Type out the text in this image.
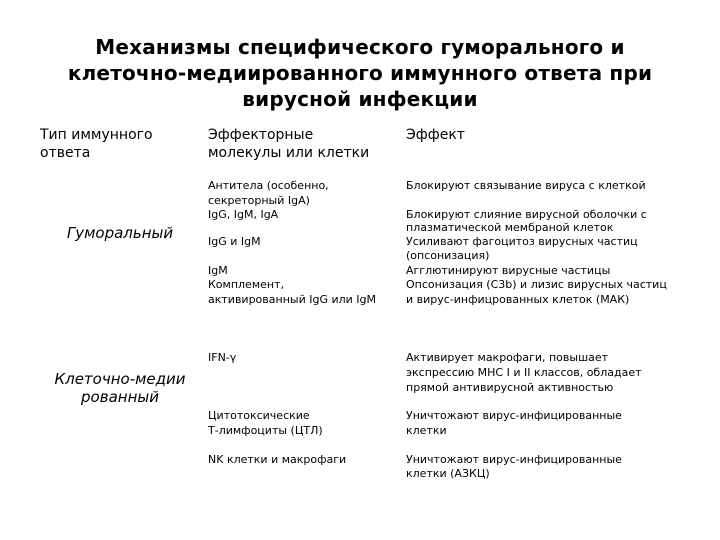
Механизмы специфического гуморального и
клеточно-медиированного иммунного ответа при
вирусной инфекции
Тип иммунного
ответа
Эффекторные
молекулы или клетки
Эффект
Гуморальный
Антитела (особенно,
секреторный IgA)
IgG, IgM, IgA
IgG и IgM
IgM
Комплемент,
активированный IgG или IgM
Блокируют связывание вируса с клеткой
Блокируют слияние вирусной оболочки с
плазматической мембраной клеток
Усиливают фагоцитоз вирусных частиц
(опсонизация)
Агглютинируют вирусные частицы
Опсонизация (С3b) и лизис вирусных частиц
и вирус-инфицрованных клеток (МАК)
Клеточно-медии
рованный
IFN-γ
Цитотоксические
Т-лимфоциты (ЦТЛ)
NK клетки и макрофаги
Активирует макрофаги, повышает
экспрессию MHC I и II классов, обладает
прямой антивирусной активностью
Уничтожают вирус-инфицированные
клетки
Уничтожают вирус-инфицированные
клетки (АЗКЦ)
